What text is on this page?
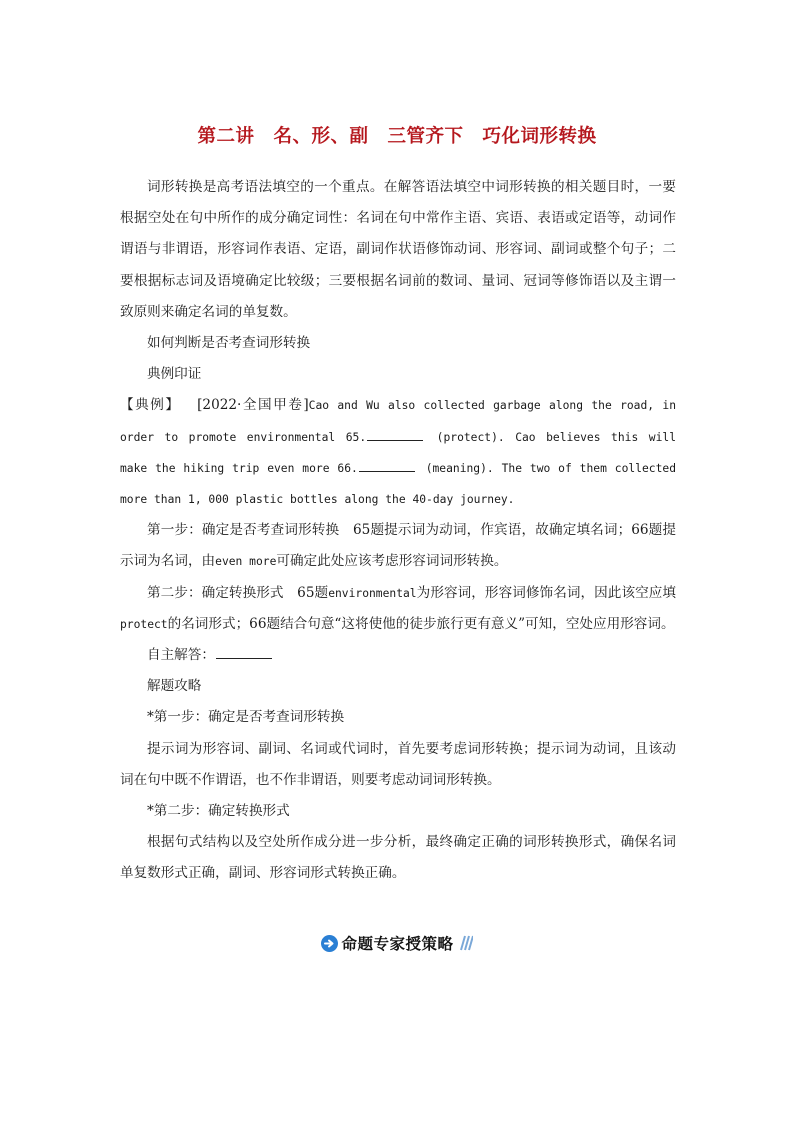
第二讲　名、形、副　三管齐下　巧化词形转换

词形转换是高考语法填空的一个重点。在解答语法填空中词形转换的相关题目时，一要根据空处在句中所作的成分确定词性：名词在句中常作主语、宾语、表语或定语等，动词作谓语与非谓语，形容词作表语、定语，副词作状语修饰动词、形容词、副词或整个句子；二要根据标志词及语境确定比较级；三要根据名词前的数词、量词、冠词等修饰语以及主谓一致原则来确定名词的单复数。

如何判断是否考查词形转换

典例印证

【典例】 [2022·全国甲卷]Cao and Wu also collected garbage along the road, in order to promote environmental 65.	(protect). Cao believes this will make the hiking trip even more 66.	(meaning). The two of them collected more than 1, 000 plastic bottles along the 40-day journey.

第一步：确定是否考查词形转换　65题提示词为动词，作宾语，故确定填名词；66题提示词为名词，由even more可确定此处应该考虑形容词词形转换。

第二步：确定转换形式　65题environmental为形容词，形容词修饰名词，因此该空应填protect的名词形式；66题结合句意“这将使他的徒步旅行更有意义”可知，空处应用形容词。

自主解答：

解题攻略

*第一步：确定是否考查词形转换

提示词为形容词、副词、名词或代词时，首先要考虑词形转换；提示词为动词，且该动词在句中既不作谓语，也不作非谓语，则要考虑动词词形转换。

*第二步：确定转换形式

根据句式结构以及空处所作成分进一步分析，最终确定正确的词形转换形式，确保名词单复数形式正确，副词、形容词形式转换正确。

命题专家授策略
